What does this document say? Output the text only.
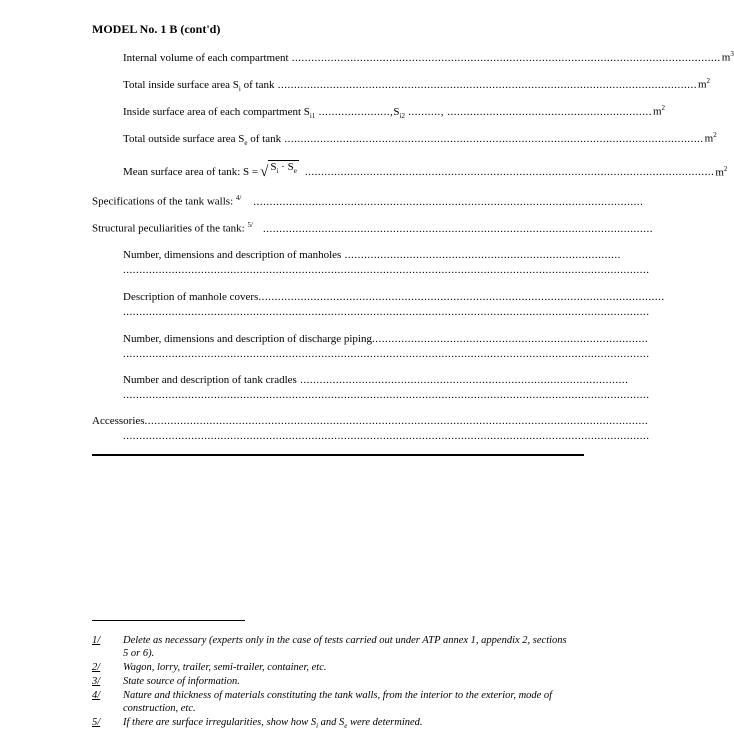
MODEL No. 1 B (cont'd)
Internal volume of each compartment .................................................................................................................................... $m^3$
Total inside surface area $S_i$ of tank ................................................................................................................................. $m^2$
Inside surface area of each compartment $S_{i1}$ ......................, $S_{i2}$ .........., ............................................................... $m^2$
Total outside surface area $S_e$ of tank ................................................................................................................................. $m^2$
Mean surface area of tank: S = √ $S_i \cdot S_e$ .............................................................................................................................. $m^2$
Specifications of the tank walls: $^{4/}$	........................................................................................................................
Structural peculiarities of the tank: $^{5/}$ ........................................................................................................................
Number, dimensions and description of manholes .....................................................................................
..................................................................................................................................................................
Description of manhole covers .............................................................................................................................
..................................................................................................................................................................
Number, dimensions and description of discharge piping .....................................................................................
..................................................................................................................................................................
Number and description of tank cradles .....................................................................................................
..................................................................................................................................................................
Accessories ...........................................................................................................................................................
..................................................................................................................................................................
1/	Delete as necessary (experts only in the case of tests carried out under ATP annex 1, appendix 2, sections 5 or 6).
2/	Wagon, lorry, trailer, semi-trailer, container, etc.
3/	State source of information.
4/	Nature and thickness of materials constituting the tank walls, from the interior to the exterior, mode of construction, etc.
5/	If there are surface irregularities, show how $S_i$ and $S_e$ were determined.
